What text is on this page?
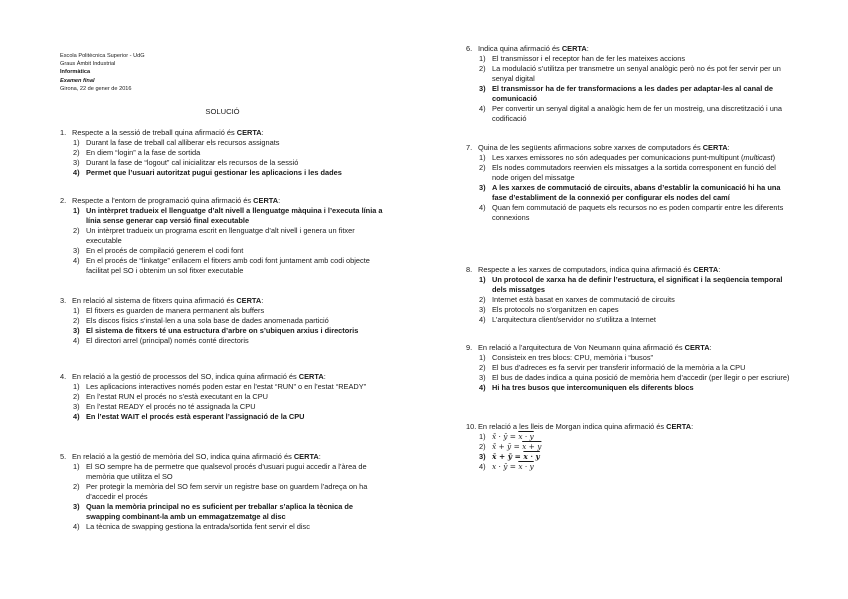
Escola Politècnica Superior - UdG
Graus Àmbit Industrial
Informàtica
Examen final
Girona, 22 de gener de 2016
SOLUCIÓ
1. Respecte a la sessió de treball quina afirmació és CERTA:
1) Durant la fase de treball cal alliberar els recursos assignats
2) En diem “login” a la fase de sortida
3) Durant la fase de “logout” cal inicialitzar els recursos de la sessió
4) Permet que l’usuari autoritzat pugui gestionar les aplicacions i les dades
2. Respecte a l’entorn de programació quina afirmació és CERTA:
1) Un intèrpret tradueix el llenguatge d’alt nivell a llenguatge màquina i l’executa línia a línia sense generar cap versió final executable
2) Un intèrpret tradueix un programa escrit en llenguatge d’alt nivell i genera un fitxer executable
3) En el procés de compilació generem el codi font
4) En el procés de “linkatge” enllacem el fitxers amb codi font juntament amb codi objecte facilitat pel SO i obtenim un sol fitxer executable
3. En relació al sistema de fitxers quina afirmació és CERTA:
1) El fitxers es guarden de manera permanent als buffers
2) Els discos físics s’instal·len a una sola base de dades anomenada partició
3) El sistema de fitxers té una estructura d’arbre on s’ubiquen arxius i directoris
4) El directori arrel (principal) només conté directoris
4. En relació a la gestió de processos del SO, indica quina afirmació és CERTA:
1) Les aplicacions interactives només poden estar en l’estat “RUN” o en l’estat “READY”
2) En l’estat RUN el procés no s’està executant en la CPU
3) En l’estat READY el procés no té assignada la CPU
4) En l’estat WAIT el procés està esperant l’assignació de la CPU
5. En relació a la gestió de memòria del SO, indica quina afirmació és CERTA:
1) El SO sempre ha de permetre que qualsevol procés d’usuari pugui accedir a l’àrea de memòria que utilitza el SO
2) Per protegir la memòria del SO fem servir un registre base on guardem l’adreça on ha d’accedir el procés
3) Quan la memòria principal no es suficient per treballar s’aplica la tècnica de swapping combinant-la amb un emmagatzematge al disc
4) La tècnica de swapping gestiona la entrada/sortida fent servir el disc
6. Indica quina afirmació és CERTA:
1) El transmissor i el receptor han de fer les mateixes accions
2) La modulació s’utilitza per transmetre un senyal analògic però no és pot fer servir per un senyal digital
3) El transmissor ha de fer transformacions a les dades per adaptar-les al canal de comunicació
4) Per convertir un senyal digital a analògic hem de fer un mostreig, una discretització i una codificació
7. Quina de les següents afirmacions sobre xarxes de computadors és CERTA:
1) Les xarxes emissores no són adequades per comunicacions punt-multipunt (multicast)
2) Els nodes commutadors reenvien els missatges a la sortida corresponent en funció del node origen del missatge
3) A les xarxes de commutació de circuits, abans d’establir la comunicació hi ha una fase d’establiment de la connexió per configurar els nodes del camí
4) Quan fem commutació de paquets els recursos no es poden compartir entre les diferents connexions
8. Respecte a les xarxes de computadors, indica quina afirmació és CERTA:
1) Un protocol de xarxa ha de definir l’estructura, el significat i la seqüencia temporal dels missatges
2) Internet està basat en xarxes de commutació de circuits
3) Els protocols no s’organitzen en capes
4) L’arquitectura client/servidor no s’utilitza a Internet
9. En relació a l’arquitectura de Von Neumann quina afirmació és CERTA:
1) Consisteix en tres blocs: CPU, memòria i “busos”
2) El bus d’adreces es fa servir per transferir informació de la memòria a la CPU
3) El bus de dades indica a quina posició de memòria hem d’accedir (per llegir o per escriure)
4) Hi ha tres busos que intercomuniquen els diferents blocs
10. En relació a les lleis de Morgan indica quina afirmació és CERTA:
1) x̄ · ȳ = x · y
2) x̄ + ȳ = x + y
3) x̄ + ȳ = x · y
4) x · ȳ = x · y
